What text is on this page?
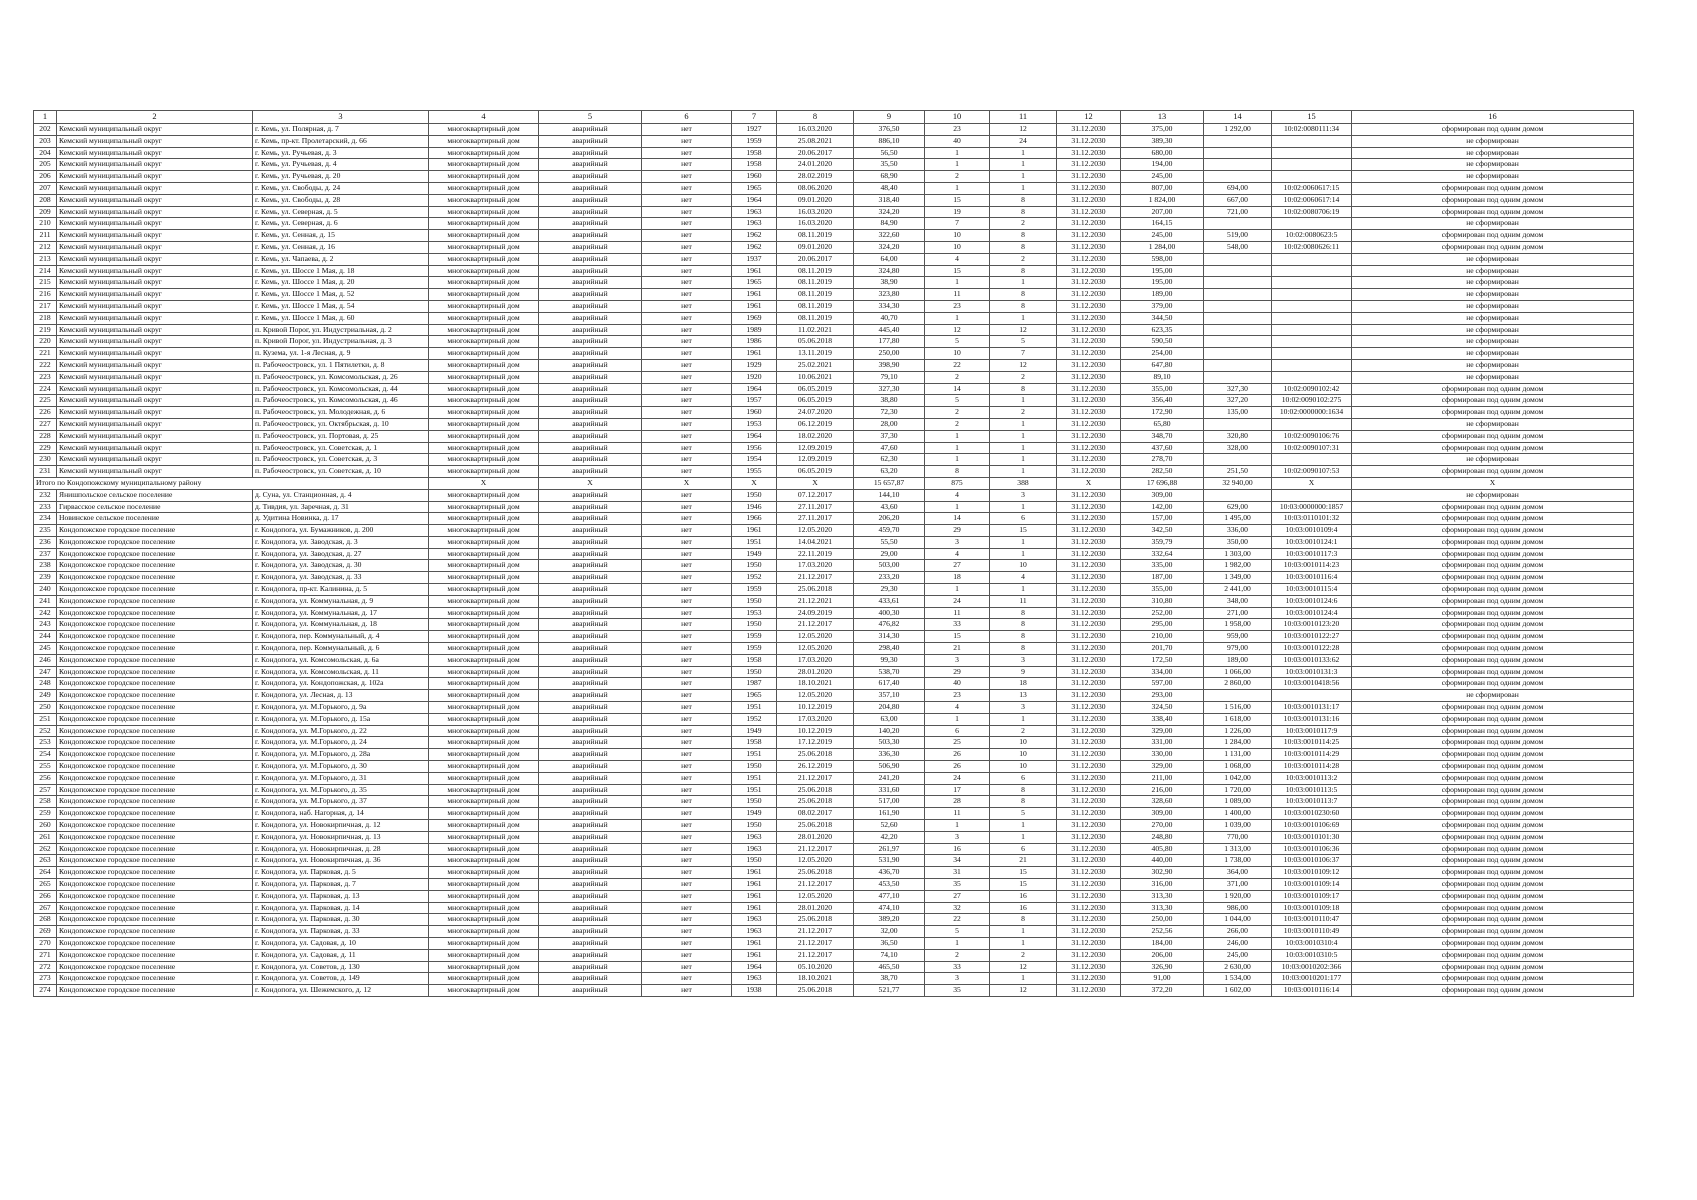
1	2	3	4	5	6	7	8	9	10	11	12	13	14	15	16
202	Кемский муниципальный округ	г. Кемь, ул. Полярная, д. 7	многоквартирный дом	аварийный	нет	1927	16.03.2020	376,50	23	12	31.12.2030	375,00	1 292,00	10:02:0080111:34	сформирован под одним домом
203	Кемский муниципальный округ	г. Кемь, пр-кт. Пролетарский, д. 66	многоквартирный дом	аварийный	нет	1959	25.08.2021	886,10	40	24	31.12.2030	389,30			не сформирован
204	Кемский муниципальный округ	г. Кемь, ул. Ручьевая, д. 3	многоквартирный дом	аварийный	нет	1958	20.06.2017	56,50	1	1	31.12.2030	680,00			не сформирован
205	Кемский муниципальный округ	г. Кемь, ул. Ручьевая, д. 4	многоквартирный дом	аварийный	нет	1958	24.01.2020	35,50	1	1	31.12.2030	194,00			не сформирован
206	Кемский муниципальный округ	г. Кемь, ул. Ручьевая, д. 20	многоквартирный дом	аварийный	нет	1960	28.02.2019	68,90	2	1	31.12.2030	245,00			не сформирован
207	Кемский муниципальный округ	г. Кемь, ул. Свободы, д. 24	многоквартирный дом	аварийный	нет	1965	08.06.2020	48,40	1	1	31.12.2030	807,00	694,00	10:02:0060617:15	сформирован под одним домом
208	Кемский муниципальный округ	г. Кемь, ул. Свободы, д. 28	многоквартирный дом	аварийный	нет	1964	09.01.2020	318,40	15	8	31.12.2030	1 824,00	667,00	10:02:0060617:14	сформирован под одним домом
209	Кемский муниципальный округ	г. Кемь, ул. Северная, д. 5	многоквартирный дом	аварийный	нет	1963	16.03.2020	324,20	19	8	31.12.2030	207,00	721,00	10:02:0080706:19	сформирован под одним домом
210	Кемский муниципальный округ	г. Кемь, ул. Северная, д. 6	многоквартирный дом	аварийный	нет	1963	16.03.2020	84,90	7	2	31.12.2030	164,15			не сформирован
211	Кемский муниципальный округ	г. Кемь, ул. Сенная, д. 15	многоквартирный дом	аварийный	нет	1962	08.11.2019	322,60	10	8	31.12.2030	245,00	519,00	10:02:0080623:5	сформирован под одним домом
212	Кемский муниципальный округ	г. Кемь, ул. Сенная, д. 16	многоквартирный дом	аварийный	нет	1962	09.01.2020	324,20	10	8	31.12.2030	1 284,00	548,00	10:02:0080626:11	сформирован под одним домом
213	Кемский муниципальный округ	г. Кемь, ул. Чапаева, д. 2	многоквартирный дом	аварийный	нет	1937	20.06.2017	64,00	4	2	31.12.2030	598,00			не сформирован
214	Кемский муниципальный округ	г. Кемь, ул. Шоссе 1 Мая, д. 18	многоквартирный дом	аварийный	нет	1961	08.11.2019	324,80	15	8	31.12.2030	195,00			не сформирован
215	Кемский муниципальный округ	г. Кемь, ул. Шоссе 1 Мая, д. 20	многоквартирный дом	аварийный	нет	1965	08.11.2019	38,90	1	1	31.12.2030	195,00			не сформирован
216	Кемский муниципальный округ	г. Кемь, ул. Шоссе 1 Мая, д. 52	многоквартирный дом	аварийный	нет	1961	08.11.2019	323,80	11	8	31.12.2030	189,00			не сформирован
217	Кемский муниципальный округ	г. Кемь, ул. Шоссе 1 Мая, д. 54	многоквартирный дом	аварийный	нет	1961	08.11.2019	334,30	23	8	31.12.2030	379,00			не сформирован
218	Кемский муниципальный округ	г. Кемь, ул. Шоссе 1 Мая, д. 60	многоквартирный дом	аварийный	нет	1969	08.11.2019	40,70	1	1	31.12.2030	344,50			не сформирован
219	Кемский муниципальный округ	п. Кривой Порог, ул. Индустриальная, д. 2	многоквартирный дом	аварийный	нет	1989	11.02.2021	445,40	12	12	31.12.2030	623,35			не сформирован
220	Кемский муниципальный округ	п. Кривой Порог, ул. Индустриальная, д. 3	многоквартирный дом	аварийный	нет	1986	05.06.2018	177,80	5	5	31.12.2030	590,50			не сформирован
221	Кемский муниципальный округ	п. Кузема, ул. 1-я Лесная, д. 9	многоквартирный дом	аварийный	нет	1961	13.11.2019	250,00	10	7	31.12.2030	254,00			не сформирован
222	Кемский муниципальный округ	п. Рабочеостровск, ул. 1 Пятилетки, д. 8	многоквартирный дом	аварийный	нет	1929	25.02.2021	398,90	22	12	31.12.2030	647,80			не сформирован
223	Кемский муниципальный округ	п. Рабочеостровск, ул. Комсомольская, д. 26	многоквартирный дом	аварийный	нет	1920	10.06.2021	79,10	2	2	31.12.2030	89,10			не сформирован
224	Кемский муниципальный округ	п. Рабочеостровск, ул. Комсомольская, д. 44	многоквартирный дом	аварийный	нет	1964	06.05.2019	327,30	14	8	31.12.2030	355,00	327,30	10:02:0090102:42	сформирован под одним домом
225	Кемский муниципальный округ	п. Рабочеостровск, ул. Комсомольская, д. 46	многоквартирный дом	аварийный	нет	1957	06.05.2019	38,80	5	1	31.12.2030	356,40	327,20	10:02:0090102:275	сформирован под одним домом
226	Кемский муниципальный округ	п. Рабочеостровск, ул. Молодежная, д. 6	многоквартирный дом	аварийный	нет	1960	24.07.2020	72,30	2	2	31.12.2030	172,90	135,00	10:02:0000000:1634	сформирован под одним домом
227	Кемский муниципальный округ	п. Рабочеостровск, ул. Октябрьская, д. 10	многоквартирный дом	аварийный	нет	1953	06.12.2019	28,00	2	1	31.12.2030	65,80			не сформирован
228	Кемский муниципальный округ	п. Рабочеостровск, ул. Портовая, д. 25	многоквартирный дом	аварийный	нет	1964	18.02.2020	37,30	1	1	31.12.2030	348,70	320,80	10:02:0090106:76	сформирован под одним домом
229	Кемский муниципальный округ	п. Рабочеостровск, ул. Советская, д. 1	многоквартирный дом	аварийный	нет	1956	12.09.2019	47,60	1	1	31.12.2030	437,60	328,00	10:02:0090107:31	сформирован под одним домом
230	Кемский муниципальный округ	п. Рабочеостровск, ул. Советская, д. 3	многоквартирный дом	аварийный	нет	1954	12.09.2019	62,30	1	1	31.12.2030	278,70			не сформирован
231	Кемский муниципальный округ	п. Рабочеостровск, ул. Советская, д. 10	многоквартирный дом	аварийный	нет	1955	06.05.2019	63,20	8	1	31.12.2030	282,50	251,50	10:02:0090107:53	сформирован под одним домом
Итого по Кондопожскому муниципальному району			X	X	X	X	X	15 657,87	875	388	X	17 696,88	32 940,00	X	X
232	Янишпольское сельское поселение	д. Суна, ул. Станционная, д. 4	многоквартирный дом	аварийный	нет	1950	07.12.2017	144,10	4	3	31.12.2030	309,00			не сформирован
233	Гирвасское сельское поселение	д. Тивдия, ул. Заречная, д. 31	многоквартирный дом	аварийный	нет	1946	27.11.2017	43,60	1	1	31.12.2030	142,00	629,00	10:03:0000000:1857	сформирован под одним домом
234	Новинское сельское поселение	д. Удитина Новинка, д. 17	многоквартирный дом	аварийный	нет	1966	27.11.2017	206,20	14	6	31.12.2030	157,00	1 495,00	10:03:0110101:32	сформирован под одним домом
235	Кондопожское городское поселение	г. Кондопога, ул. Бумажников, д. 200	многоквартирный дом	аварийный	нет	1961	12.05.2020	459,70	29	15	31.12.2030	342,50	336,00	10:03:0010109:4	сформирован под одним домом
236	Кондопожское городское поселение	г. Кондопога, ул. Заводская, д. 3	многоквартирный дом	аварийный	нет	1951	14.04.2021	55,50	3	1	31.12.2030	359,79	350,00	10:03:0010124:1	сформирован под одним домом
237	Кондопожское городское поселение	г. Кондопога, ул. Заводская, д. 27	многоквартирный дом	аварийный	нет	1949	22.11.2019	29,00	4	1	31.12.2030	332,64	1 303,00	10:03:0010117:3	сформирован под одним домом
238	Кондопожское городское поселение	г. Кондопога, ул. Заводская, д. 30	многоквартирный дом	аварийный	нет	1950	17.03.2020	503,00	27	10	31.12.2030	335,00	1 982,00	10:03:0010114:23	сформирован под одним домом
239	Кондопожское городское поселение	г. Кондопога, ул. Заводская, д. 33	многоквартирный дом	аварийный	нет	1952	21.12.2017	233,20	18	4	31.12.2030	187,00	1 349,00	10:03:0010116:4	сформирован под одним домом
240	Кондопожское городское поселение	г. Кондопога, пр-кт. Калинина, д. 5	многоквартирный дом	аварийный	нет	1959	25.06.2018	29,30	1	1	31.12.2030	355,00	2 441,00	10:03:0010115:4	сформирован под одним домом
241	Кондопожское городское поселение	г. Кондопога, ул. Коммунальная, д. 9	многоквартирный дом	аварийный	нет	1950	21.12.2021	433,61	24	11	31.12.2030	310,80	348,00	10:03:0010124:6	сформирован под одним домом
242	Кондопожское городское поселение	г. Кондопога, ул. Коммунальная, д. 17	многоквартирный дом	аварийный	нет	1953	24.09.2019	400,30	11	8	31.12.2030	252,00	271,00	10:03:0010124:4	сформирован под одним домом
243	Кондопожское городское поселение	г. Кондопога, ул. Коммунальная, д. 18	многоквартирный дом	аварийный	нет	1950	21.12.2017	476,82	33	8	31.12.2030	295,00	1 958,00	10:03:0010123:20	сформирован под одним домом
244	Кондопожское городское поселение	г. Кондопога, пер. Коммунальный, д. 4	многоквартирный дом	аварийный	нет	1959	12.05.2020	314,30	15	8	31.12.2030	210,00	959,00	10:03:0010122:27	сформирован под одним домом
245	Кондопожское городское поселение	г. Кондопога, пер. Коммунальный, д. 6	многоквартирный дом	аварийный	нет	1959	12.05.2020	298,40	21	8	31.12.2030	201,70	979,00	10:03:0010122:28	сформирован под одним домом
246	Кондопожское городское поселение	г. Кондопога, ул. Комсомольская, д. 6а	многоквартирный дом	аварийный	нет	1958	17.03.2020	99,30	3	3	31.12.2030	172,50	189,00	10:03:0010133:62	сформирован под одним домом
247	Кондопожское городское поселение	г. Кондопога, ул. Комсомольская, д. 11	многоквартирный дом	аварийный	нет	1950	28.01.2020	538,70	29	9	31.12.2030	334,00	1 066,00	10:03:0010131:3	сформирован под одним домом
248	Кондопожское городское поселение	г. Кондопога, ул. Кондопожская, д. 102а	многоквартирный дом	аварийный	нет	1987	18.10.2021	617,40	40	18	31.12.2030	597,00	2 860,00	10:03:0010418:56	сформирован под одним домом
249	Кондопожское городское поселение	г. Кондопога, ул. Лесная, д. 13	многоквартирный дом	аварийный	нет	1965	12.05.2020	357,10	23	13	31.12.2030	293,00			не сформирован
250	Кондопожское городское поселение	г. Кондопога, ул. М.Горького, д. 9а	многоквартирный дом	аварийный	нет	1951	10.12.2019	204,80	4	3	31.12.2030	324,50	1 516,00	10:03:0010131:17	сформирован под одним домом
251	Кондопожское городское поселение	г. Кондопога, ул. М.Горького, д. 15а	многоквартирный дом	аварийный	нет	1952	17.03.2020	63,00	1	1	31.12.2030	338,40	1 618,00	10:03:0010131:16	сформирован под одним домом
252	Кондопожское городское поселение	г. Кондопога, ул. М.Горького, д. 22	многоквартирный дом	аварийный	нет	1949	10.12.2019	140,20	6	2	31.12.2030	329,00	1 226,00	10:03:0010117:9	сформирован под одним домом
253	Кондопожское городское поселение	г. Кондопога, ул. М.Горького, д. 24	многоквартирный дом	аварийный	нет	1958	17.12.2019	503,30	25	10	31.12.2030	331,00	1 284,00	10:03:0010114:25	сформирован под одним домом
254	Кондопожское городское поселение	г. Кондопога, ул. М.Горького, д. 28а	многоквартирный дом	аварийный	нет	1951	25.06.2018	336,30	26	10	31.12.2030	330,00	1 131,00	10:03:0010114:29	сформирован под одним домом
255	Кондопожское городское поселение	г. Кондопога, ул. М.Горького, д. 30	многоквартирный дом	аварийный	нет	1950	26.12.2019	506,90	26	10	31.12.2030	329,00	1 068,00	10:03:0010114:28	сформирован под одним домом
256	Кондопожское городское поселение	г. Кондопога, ул. М.Горького, д. 31	многоквартирный дом	аварийный	нет	1951	21.12.2017	241,20	24	6	31.12.2030	211,00	1 042,00	10:03:0010113:2	сформирован под одним домом
257	Кондопожское городское поселение	г. Кондопога, ул. М.Горького, д. 35	многоквартирный дом	аварийный	нет	1951	25.06.2018	331,60	17	8	31.12.2030	216,00	1 720,00	10:03:0010113:5	сформирован под одним домом
258	Кондопожское городское поселение	г. Кондопога, ул. М.Горького, д. 37	многоквартирный дом	аварийный	нет	1950	25.06.2018	517,00	28	8	31.12.2030	328,60	1 089,00	10:03:0010113:7	сформирован под одним домом
259	Кондопожское городское поселение	г. Кондопога, наб. Нагорная, д. 14	многоквартирный дом	аварийный	нет	1949	08.02.2017	161,90	11	5	31.12.2030	309,00	1 400,00	10:03:0010230:60	сформирован под одним домом
260	Кондопожское городское поселение	г. Кондопога, ул. Новокирпичная, д. 12	многоквартирный дом	аварийный	нет	1950	25.06.2018	52,60	1	1	31.12.2030	270,00	1 039,00	10:03:0010106:69	сформирован под одним домом
261	Кондопожское городское поселение	г. Кондопога, ул. Новокирпичная, д. 13	многоквартирный дом	аварийный	нет	1963	28.01.2020	42,20	3	1	31.12.2030	248,80	770,00	10:03:0010101:30	сформирован под одним домом
262	Кондопожское городское поселение	г. Кондопога, ул. Новокирпичная, д. 28	многоквартирный дом	аварийный	нет	1963	21.12.2017	261,97	16	6	31.12.2030	405,80	1 313,00	10:03:0010106:36	сформирован под одним домом
263	Кондопожское городское поселение	г. Кондопога, ул. Новокирпичная, д. 36	многоквартирный дом	аварийный	нет	1950	12.05.2020	531,90	34	21	31.12.2030	440,00	1 738,00	10:03:0010106:37	сформирован под одним домом
264	Кондопожское городское поселение	г. Кондопога, ул. Парковая, д. 5	многоквартирный дом	аварийный	нет	1961	25.06.2018	436,70	31	15	31.12.2030	302,90	364,00	10:03:0010109:12	сформирован под одним домом
265	Кондопожское городское поселение	г. Кондопога, ул. Парковая, д. 7	многоквартирный дом	аварийный	нет	1961	21.12.2017	453,50	35	15	31.12.2030	316,00	371,00	10:03:0010109:14	сформирован под одним домом
266	Кондопожское городское поселение	г. Кондопога, ул. Парковая, д. 13	многоквартирный дом	аварийный	нет	1961	12.05.2020	477,10	27	16	31.12.2030	313,30	1 920,00	10:03:0010109:17	сформирован под одним домом
267	Кондопожское городское поселение	г. Кондопога, ул. Парковая, д. 14	многоквартирный дом	аварийный	нет	1961	28.01.2020	474,10	32	16	31.12.2030	313,30	986,00	10:03:0010109:18	сформирован под одним домом
268	Кондопожское городское поселение	г. Кондопога, ул. Парковая, д. 30	многоквартирный дом	аварийный	нет	1963	25.06.2018	389,20	22	8	31.12.2030	250,00	1 044,00	10:03:0010110:47	сформирован под одним домом
269	Кондопожское городское поселение	г. Кондопога, ул. Парковая, д. 33	многоквартирный дом	аварийный	нет	1963	21.12.2017	32,00	5	1	31.12.2030	252,56	266,00	10:03:0010110:49	сформирован под одним домом
270	Кондопожское городское поселение	г. Кондопога, ул. Садовая, д. 10	многоквартирный дом	аварийный	нет	1961	21.12.2017	36,50	1	1	31.12.2030	184,00	246,00	10:03:0010310:4	сформирован под одним домом
271	Кондопожское городское поселение	г. Кондопога, ул. Садовая, д. 11	многоквартирный дом	аварийный	нет	1961	21.12.2017	74,10	2	2	31.12.2030	206,00	245,00	10:03:0010310:5	сформирован под одним домом
272	Кондопожское городское поселение	г. Кондопога, ул. Советов, д. 130	многоквартирный дом	аварийный	нет	1964	05.10.2020	465,50	33	12	31.12.2030	326,90	2 630,00	10:03:0010202:366	сформирован под одним домом
273	Кондопожское городское поселение	г. Кондопога, ул. Советов, д. 149	многоквартирный дом	аварийный	нет	1963	18.10.2021	38,70	3	1	31.12.2030	91,00	1 534,00	10:03:0010201:177	сформирован под одним домом
274	Кондопожское городское поселение	г. Кондопога, ул. Шежемского, д. 12	многоквартирный дом	аварийный	нет	1938	25.06.2018	521,77	35	12	31.12.2030	372,20	1 602,00	10:03:0010116:14	сформирован под одним домом
